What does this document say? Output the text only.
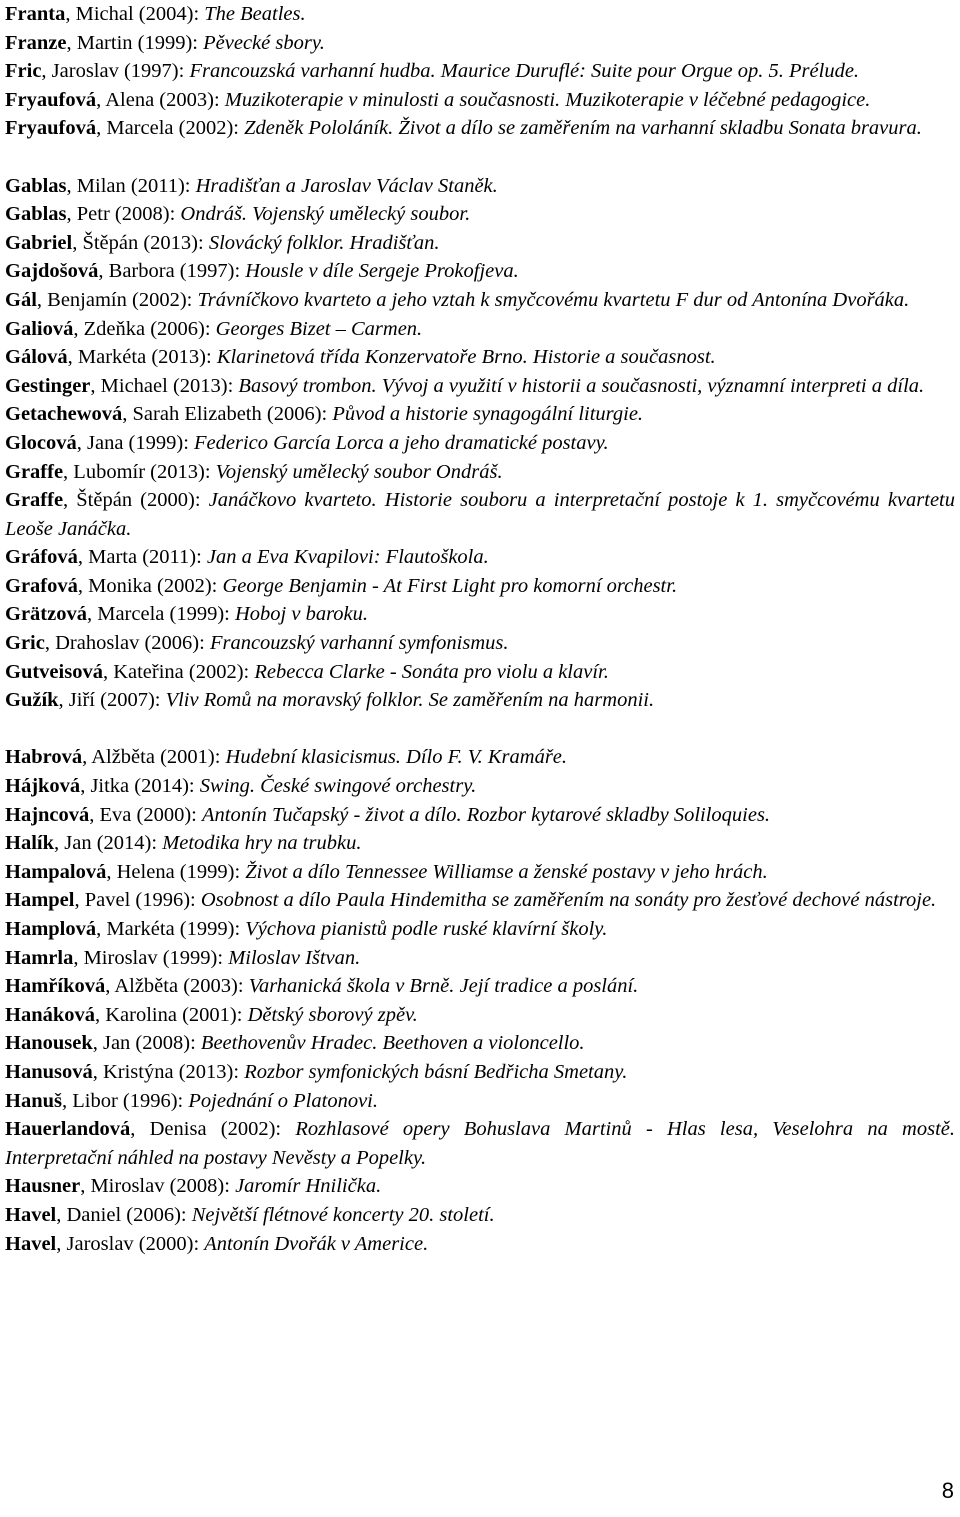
Franta, Michal (2004): The Beatles.
Franze, Martin (1999): Pěvecké sbory.
Fric, Jaroslav (1997): Francouzská varhanní hudba. Maurice Duruflé: Suite pour Orgue op. 5. Prélude.
Fryaufová, Alena (2003): Muzikoterapie v minulosti a současnosti. Muzikoterapie v léčebné pedagogice.
Fryaufová, Marcela (2002): Zdeněk Pololáník. Život a dílo se zaměřením na varhanní skladbu Sonata bravura.
Gablas, Milan (2011): Hradišťan a Jaroslav Václav Staněk.
Gablas, Petr (2008): Ondráš. Vojenský umělecký soubor.
Gabriel, Štěpán (2013): Slovácký folklor. Hradišťan.
Gajdošová, Barbora (1997): Housle v díle Sergeje Prokofjeva.
Gál, Benjamín (2002): Trávníčkovo kvarteto a jeho vztah k smyčcovému kvartetu F dur od Antonína Dvořáka.
Galiová, Zdeňka (2006): Georges Bizet – Carmen.
Gálová, Markéta (2013): Klarinetová třída Konzervatoře Brno. Historie a současnost.
Gestinger, Michael (2013): Basový trombon. Vývoj a využití v historii a současnosti, významní interpreti a díla.
Getachewová, Sarah Elizabeth (2006): Původ a historie synagogální liturgie.
Glocová, Jana (1999): Federico García Lorca a jeho dramatické postavy.
Graffe, Lubomír (2013): Vojenský umělecký soubor Ondráš.
Graffe, Štěpán (2000): Janáčkovo kvarteto. Historie souboru a interpretační postoje k 1. smyčcovému kvartetu Leoše Janáčka.
Gráfová, Marta (2011): Jan a Eva Kvapilovi: Flautoškola.
Grafová, Monika (2002): George Benjamin - At First Light pro komorní orchestr.
Grätzová, Marcela (1999): Hoboj v baroku.
Gric, Drahoslav (2006): Francouzský varhanní symfonismus.
Gutveisová, Kateřina (2002): Rebecca Clarke - Sonáta pro violu a klavír.
Gužík, Jiří (2007): Vliv Romů na moravský folklor. Se zaměřením na harmonii.
Habrová, Alžběta (2001): Hudební klasicismus. Dílo F. V. Kramáře.
Hájková, Jitka (2014): Swing. České swingové orchestry.
Hajncová, Eva (2000): Antonín Tučapský - život a dílo. Rozbor kytarové skladby Soliloquies.
Halík, Jan (2014): Metodika hry na trubku.
Hampalová, Helena (1999): Život a dílo Tennessee Williamse a ženské postavy v jeho hrách.
Hampel, Pavel (1996): Osobnost a dílo Paula Hindemitha se zaměřením na sonáty pro žesťové dechové nástroje.
Hamplová, Markéta (1999): Výchova pianistů podle ruské klavírní školy.
Hamrla, Miroslav (1999): Miloslav Ištvan.
Hamříková, Alžběta (2003): Varhanická škola v Brně. Její tradice a poslání.
Hanáková, Karolina (2001): Dětský sborový zpěv.
Hanousek, Jan (2008): Beethovenův Hradec. Beethoven a violoncello.
Hanusová, Kristýna (2013): Rozbor symfonických básní Bedřicha Smetany.
Hanuš, Libor (1996): Pojednání o Platonovi.
Hauerlandová, Denisa (2002): Rozhlasové opery Bohuslava Martinů - Hlas lesa, Veselohra na mostě. Interpretační náhled na postavy Nevěsty a Popelky.
Hausner, Miroslav (2008): Jaromír Hnilička.
Havel, Daniel (2006): Největší flétnové koncerty 20. století.
Havel, Jaroslav (2000): Antonín Dvořák v Americe.
8
